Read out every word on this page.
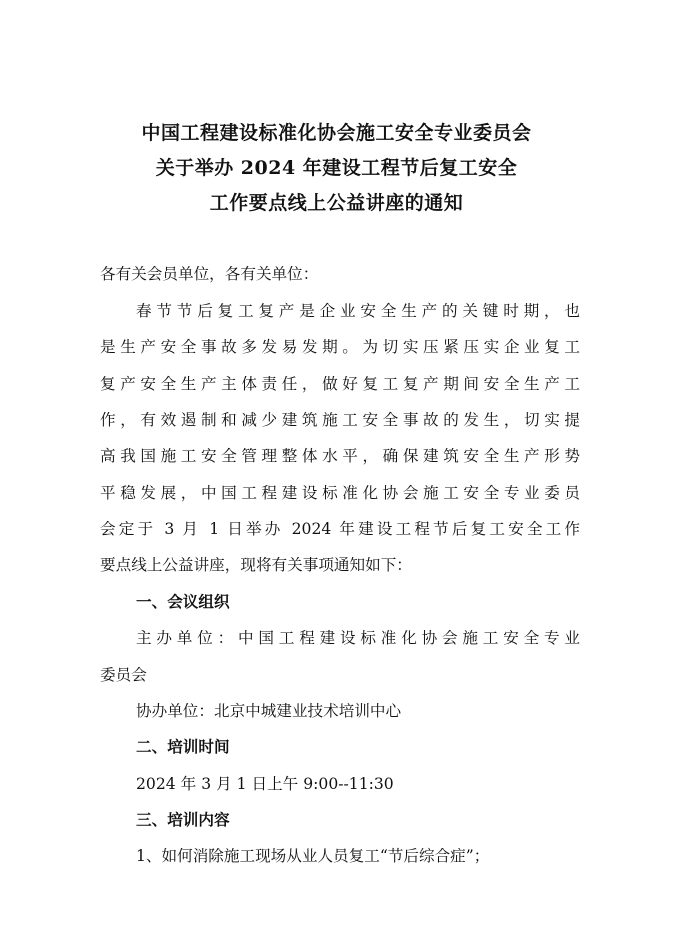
中国工程建设标准化协会施工安全专业委员会
关于举办 2024 年建设工程节后复工安全
工作要点线上公益讲座的通知
各有关会员单位，各有关单位：
春节节后复工复产是企业安全生产的关键时期，也
是生产安全事故多发易发期。为切实压紧压实企业复工
复产安全生产主体责任，做好复工复产期间安全生产工
作，有效遏制和减少建筑施工安全事故的发生，切实提
高我国施工安全管理整体水平，确保建筑安全生产形势
平稳发展，中国工程建设标准化协会施工安全专业委员
会定于 3 月 1 日举办 2024 年建设工程节后复工安全工作
要点线上公益讲座，现将有关事项通知如下：
一、会议组织
主办单位：中国工程建设标准化协会施工安全专业
委员会
协办单位：北京中城建业技术培训中心
二、培训时间
2024 年 3 月 1 日上午 9:00--11:30
三、培训内容
1、如何消除施工现场从业人员复工“节后综合症”；
